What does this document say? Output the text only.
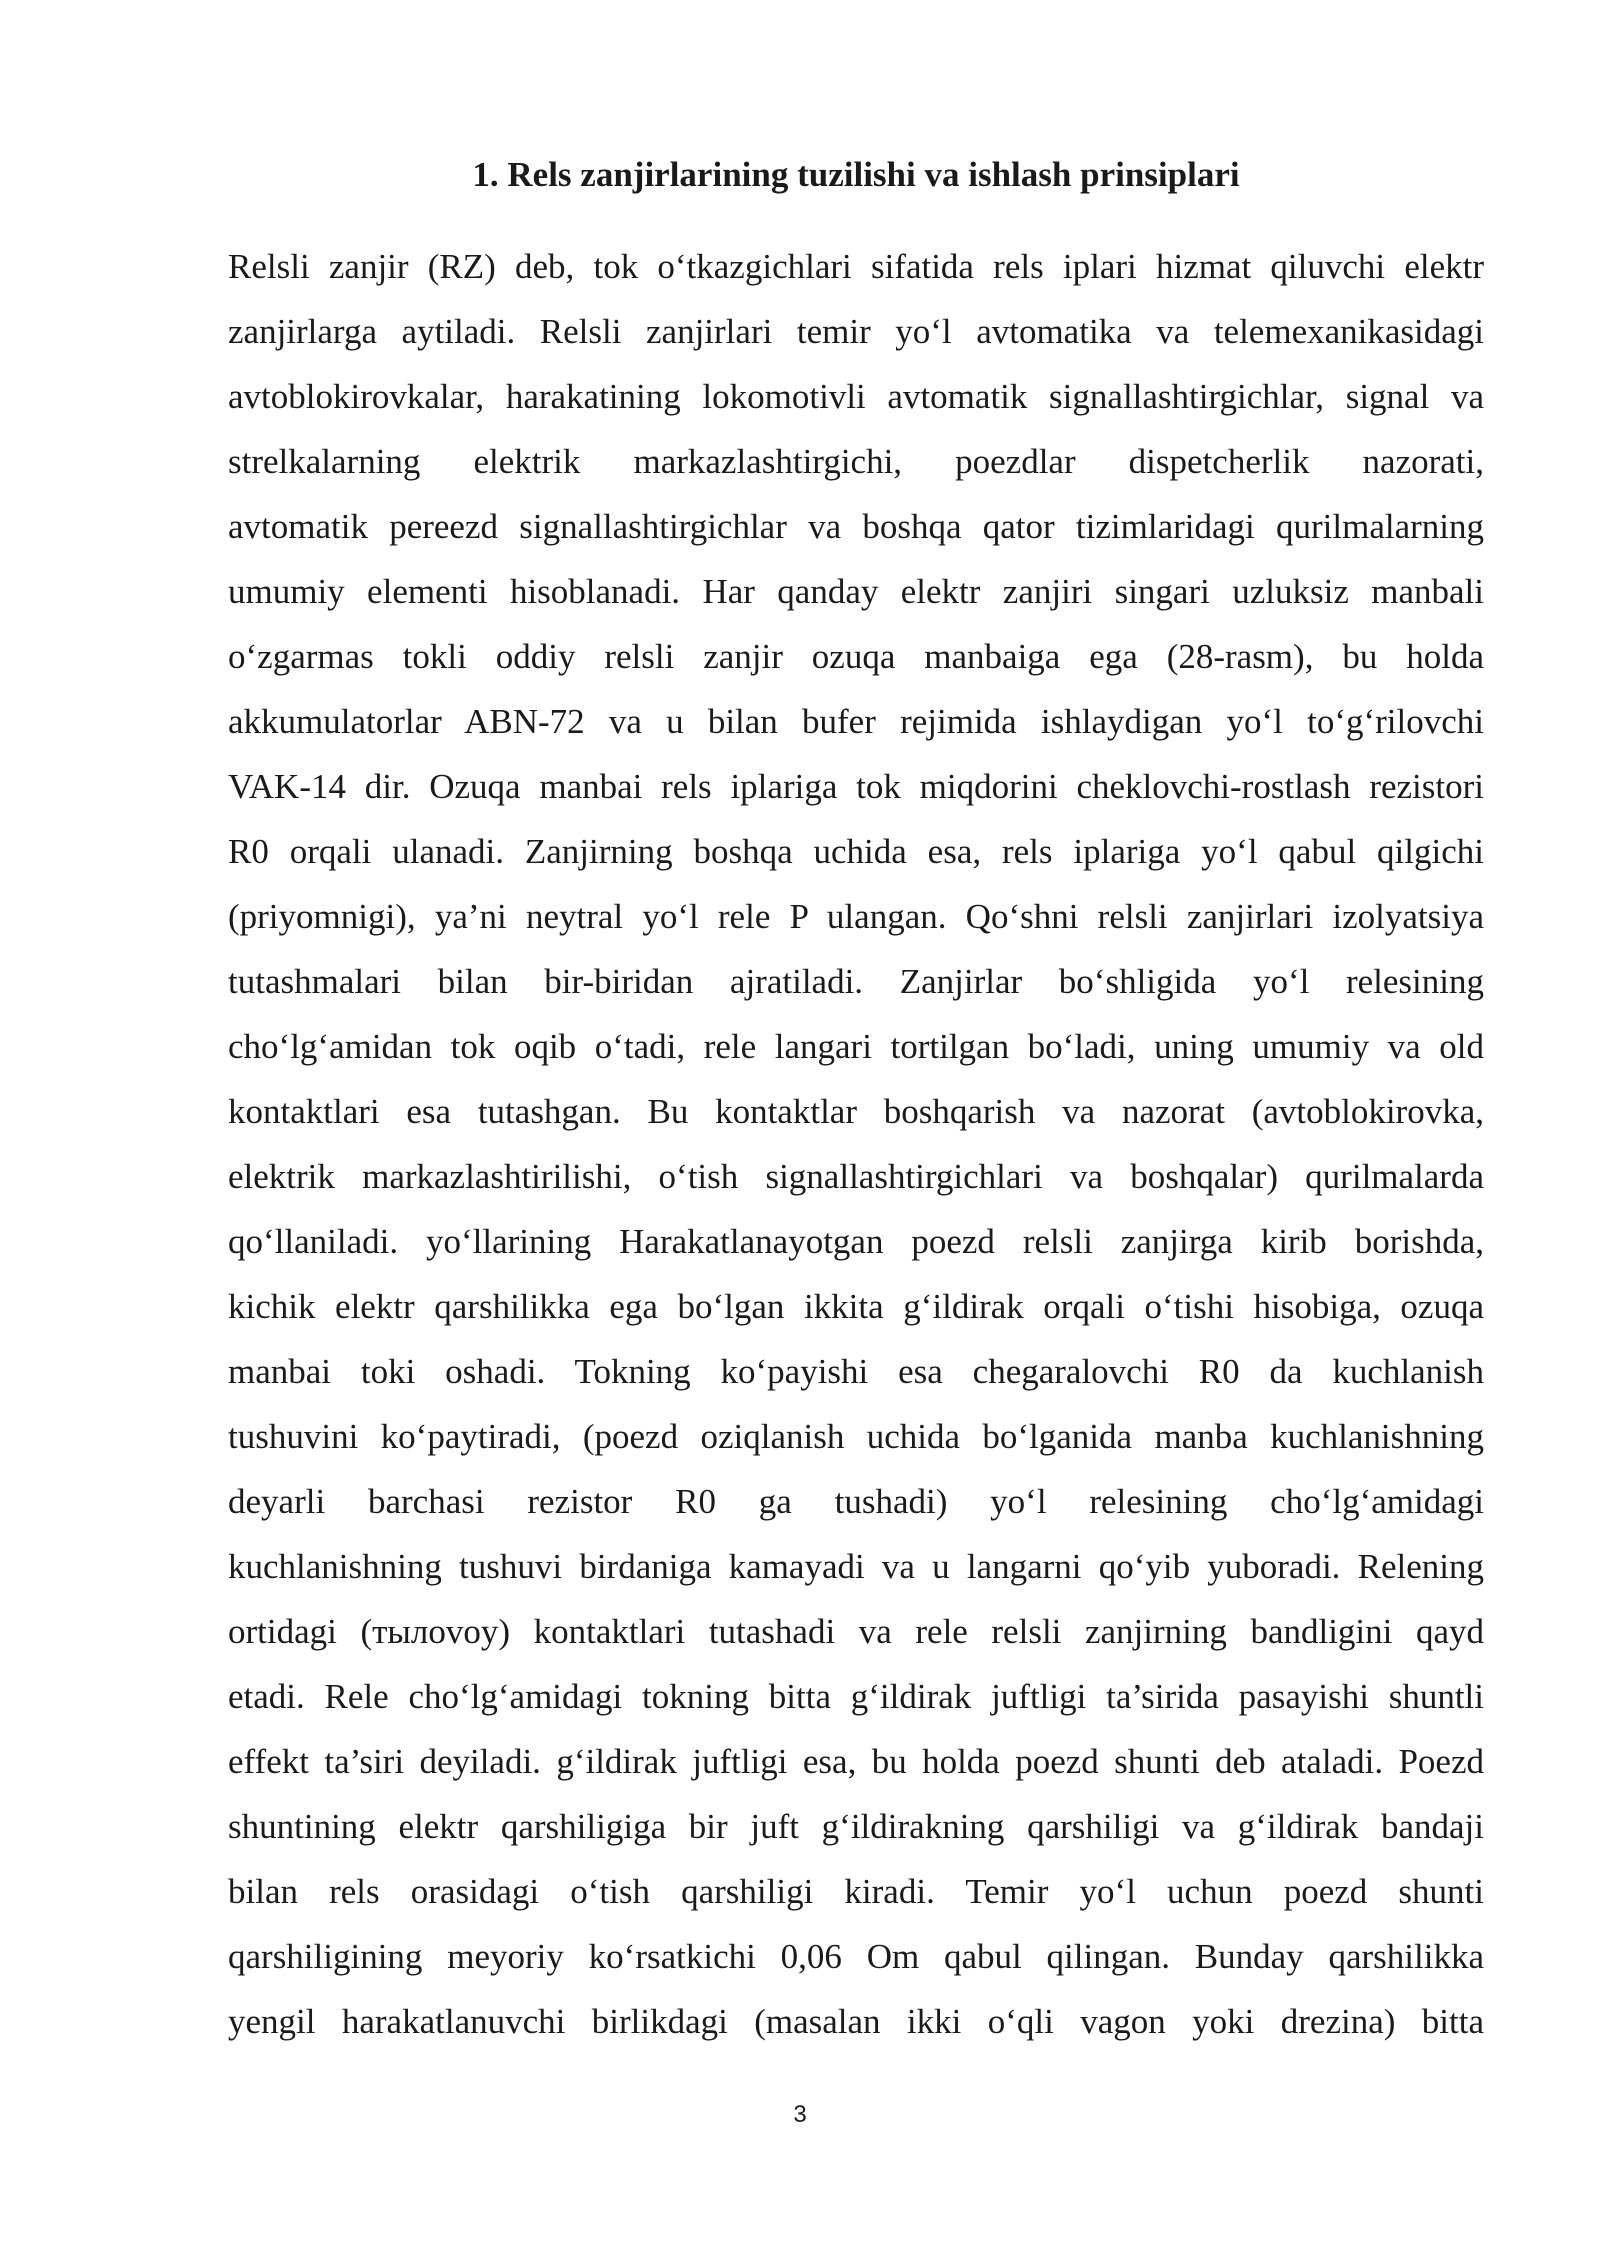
1. Rels zanjirlarining tuzilishi va ishlash prinsiplari
Relsli zanjir (RZ) deb, tok o‘tkazgichlari sifatida rels iplari hizmat qiluvchi elektr
zanjirlarga aytiladi. Relsli zanjirlari temir yo‘l avtomatika va telemexanikasidagi
avtoblokirovkalar, harakatining lokomotivli avtomatik signallashtirgichlar, signal va
strelkalarning elektrik markazlashtirgichi, poezdlar dispetcherlik nazorati,
avtomatik pereezd signallashtirgichlar va boshqa qator tizimlaridagi qurilmalarning
umumiy elementi hisoblanadi. Har qanday elektr zanjiri singari uzluksiz manbali
o‘zgarmas tokli oddiy relsli zanjir ozuqa manbaiga ega (28-rasm), bu holda
akkumulatorlar ABN-72 va u bilan bufer rejimida ishlaydigan yo‘l to‘g‘rilovchi
VAK-14 dir. Ozuqa manbai rels iplariga tok miqdorini cheklovchi-rostlash rezistori
R0 orqali ulanadi. Zanjirning boshqa uchida esa, rels iplariga yo‘l qabul qilgichi
(priyomnigi), ya’ni neytral yo‘l rele P ulangan. Qo‘shni relsli zanjirlari izolyatsiya
tutashmalari bilan bir-biridan ajratiladi. Zanjirlar bo‘shligida yo‘l relesining
cho‘lg‘amidan tok oqib o‘tadi, rele langari tortilgan bo‘ladi, uning umumiy va old
kontaktlari esa tutashgan. Bu kontaktlar boshqarish va nazorat (avtoblokirovka,
elektrik markazlashtirilishi, o‘tish signallashtirgichlari va boshqalar) qurilmalarda
qo‘llaniladi. yo‘llarining Harakatlanayotgan poezd relsli zanjirga kirib borishda,
kichik elektr qarshilikka ega bo‘lgan ikkita g‘ildirak orqali o‘tishi hisobiga, ozuqa
manbai toki oshadi. Tokning ko‘payishi esa chegaralovchi R0 da kuchlanish
tushuvini ko‘paytiradi, (poezd oziqlanish uchida bo‘lganida manba kuchlanishning
deyarli barchasi rezistor R0 ga tushadi) yo‘l relesining cho‘lg‘amidagi
kuchlanishning tushuvi birdaniga kamayadi va u langarni qo‘yib yuboradi. Relening
ortidagi (тылovoy) kontaktlari tutashadi va rele relsli zanjirning bandligini qayd
etadi. Rele cho‘lg‘amidagi tokning bitta g‘ildirak juftligi ta’sirida pasayishi shuntli
effekt ta’siri deyiladi. g‘ildirak juftligi esa, bu holda poezd shunti deb ataladi. Poezd
shuntining elektr qarshiligiga bir juft g‘ildirakning qarshiligi va g‘ildirak bandaji
bilan rels orasidagi o‘tish qarshiligi kiradi. Temir yo‘l uchun poezd shunti
qarshiligining meyoriy ko‘rsatkichi 0,06 Om qabul qilingan. Bunday qarshilikka
yengil harakatlanuvchi birlikdagi (masalan ikki o‘qli vagon yoki drezina) bitta
3
